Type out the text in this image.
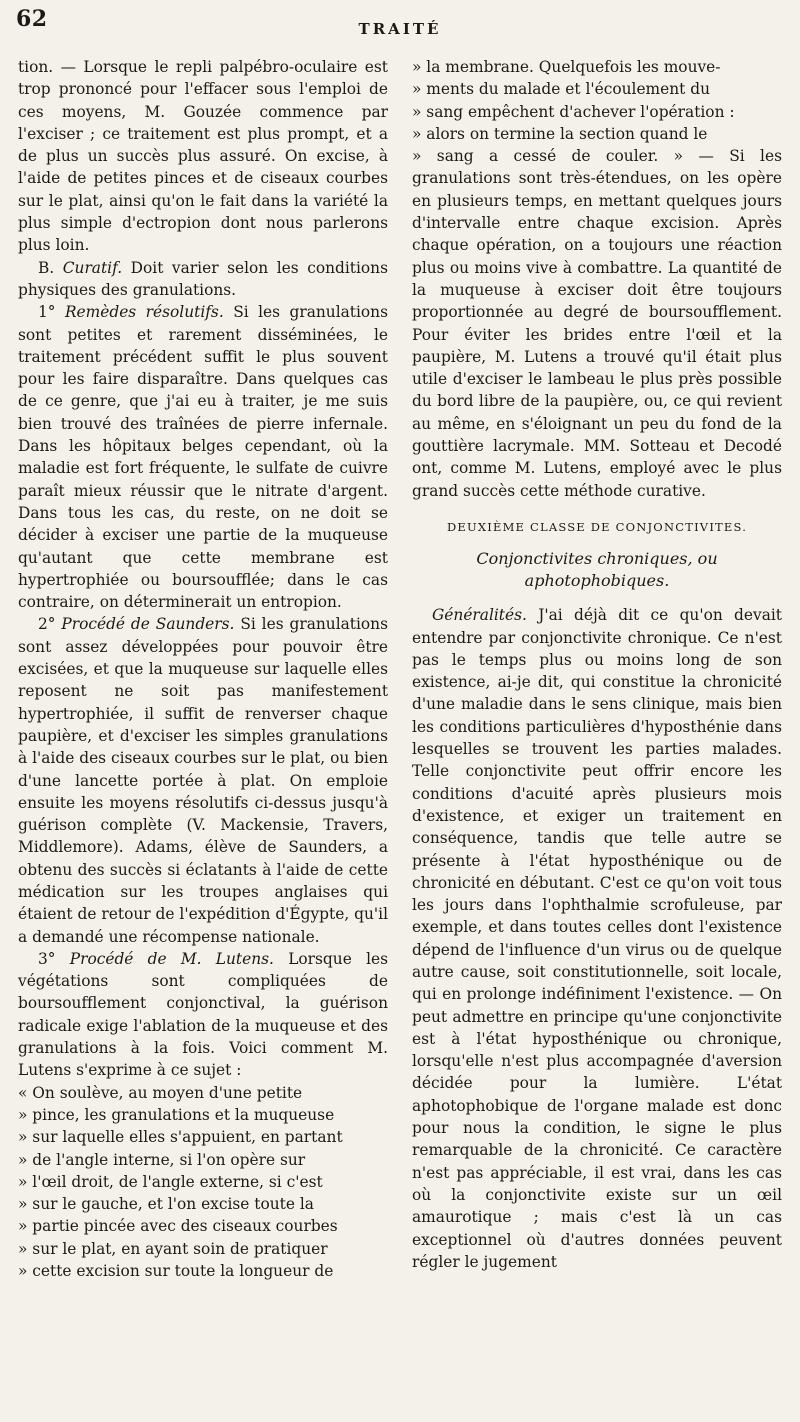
62	TRAITÉ

tion. — Lorsque le repli palpébro-oculaire est trop prononcé pour l'effacer sous l'emploi de ces moyens, M. Gouzée commence par l'exciser ; ce traitement est plus prompt, et a de plus un succès plus assuré. On excise, à l'aide de petites pinces et de ciseaux courbes sur le plat, ainsi qu'on le fait dans la variété la plus simple d'ectropion dont nous parlerons plus loin.

B. Curatif. Doit varier selon les conditions physiques des granulations.

1° Remèdes résolutifs. Si les granulations sont petites et rarement disséminées, le traitement précédent suffit le plus souvent pour les faire disparaître. Dans quelques cas de ce genre, que j'ai eu à traiter, je me suis bien trouvé des traînées de pierre infernale. Dans les hôpitaux belges cependant, où la maladie est fort fréquente, le sulfate de cuivre paraît mieux réussir que le nitrate d'argent. Dans tous les cas, du reste, on ne doit se décider à exciser une partie de la muqueuse qu'autant que cette membrane est hypertrophiée ou boursoufflée; dans le cas contraire, on déterminerait un entropion.

2° Procédé de Saunders. Si les granulations sont assez développées pour pouvoir être excisées, et que la muqueuse sur laquelle elles reposent ne soit pas manifestement hypertrophiée, il suffit de renverser chaque paupière, et d'exciser les simples granulations à l'aide des ciseaux courbes sur le plat, ou bien d'une lancette portée à plat. On emploie ensuite les moyens résolutifs ci-dessus jusqu'à guérison complète (V. Mackensie, Travers, Middlemore). Adams, élève de Saunders, a obtenu des succès si éclatants à l'aide de cette médication sur les troupes anglaises qui étaient de retour de l'expédition d'Égypte, qu'il a demandé une récompense nationale.

3° Procédé de M. Lutens. Lorsque les végétations sont compliquées de boursoufflement conjonctival, la guérison radicale exige l'ablation de la muqueuse et des granulations à la fois. Voici comment M. Lutens s'exprime à ce sujet :

« On soulève, au moyen d'une petite

» pince, les granulations et la muqueuse

» sur laquelle elles s'appuient, en partant

» de l'angle interne, si l'on opère sur

» l'œil droit, de l'angle externe, si c'est

» sur le gauche, et l'on excise toute la

» partie pincée avec des ciseaux courbes

» sur le plat, en ayant soin de pratiquer

» cette excision sur toute la longueur de

» la membrane. Quelquefois les mouve-

» ments du malade et l'écoulement du

» sang empêchent d'achever l'opération :

» alors on termine la section quand le

» sang a cessé de couler. » — Si les granulations sont très-étendues, on les opère en plusieurs temps, en mettant quelques jours d'intervalle entre chaque excision. Après chaque opération, on a toujours une réaction plus ou moins vive à combattre. La quantité de la muqueuse à exciser doit être toujours proportionnée au degré de boursoufflement. Pour éviter les brides entre l'œil et la paupière, M. Lutens a trouvé qu'il était plus utile d'exciser le lambeau le plus près possible du bord libre de la paupière, ou, ce qui revient au même, en s'éloignant un peu du fond de la gouttière lacrymale. MM. Sotteau et Decodé ont, comme M. Lutens, employé avec le plus grand succès cette méthode curative.

DEUXIÈME CLASSE DE CONJONCTIVITES.

Conjonctivites chroniques, ou aphotophobiques.

Généralités. J'ai déjà dit ce qu'on devait entendre par conjonctivite chronique. Ce n'est pas le temps plus ou moins long de son existence, ai-je dit, qui constitue la chronicité d'une maladie dans le sens clinique, mais bien les conditions particulières d'hyposthénie dans lesquelles se trouvent les parties malades. Telle conjonctivite peut offrir encore les conditions d'acuité après plusieurs mois d'existence, et exiger un traitement en conséquence, tandis que telle autre se présente à l'état hyposthénique ou de chronicité en débutant. C'est ce qu'on voit tous les jours dans l'ophthalmie scrofuleuse, par exemple, et dans toutes celles dont l'existence dépend de l'influence d'un virus ou de quelque autre cause, soit constitutionnelle, soit locale, qui en prolonge indéfiniment l'existence. — On peut admettre en principe qu'une conjonctivite est à l'état hyposthénique ou chronique, lorsqu'elle n'est plus accompagnée d'aversion décidée pour la lumière. L'état aphotophobique de l'organe malade est donc pour nous la condition, le signe le plus remarquable de la chronicité. Ce caractère n'est pas appréciable, il est vrai, dans les cas où la conjonctivite existe sur un œil amaurotique ; mais c'est là un cas exceptionnel où d'autres données peuvent régler le jugement
